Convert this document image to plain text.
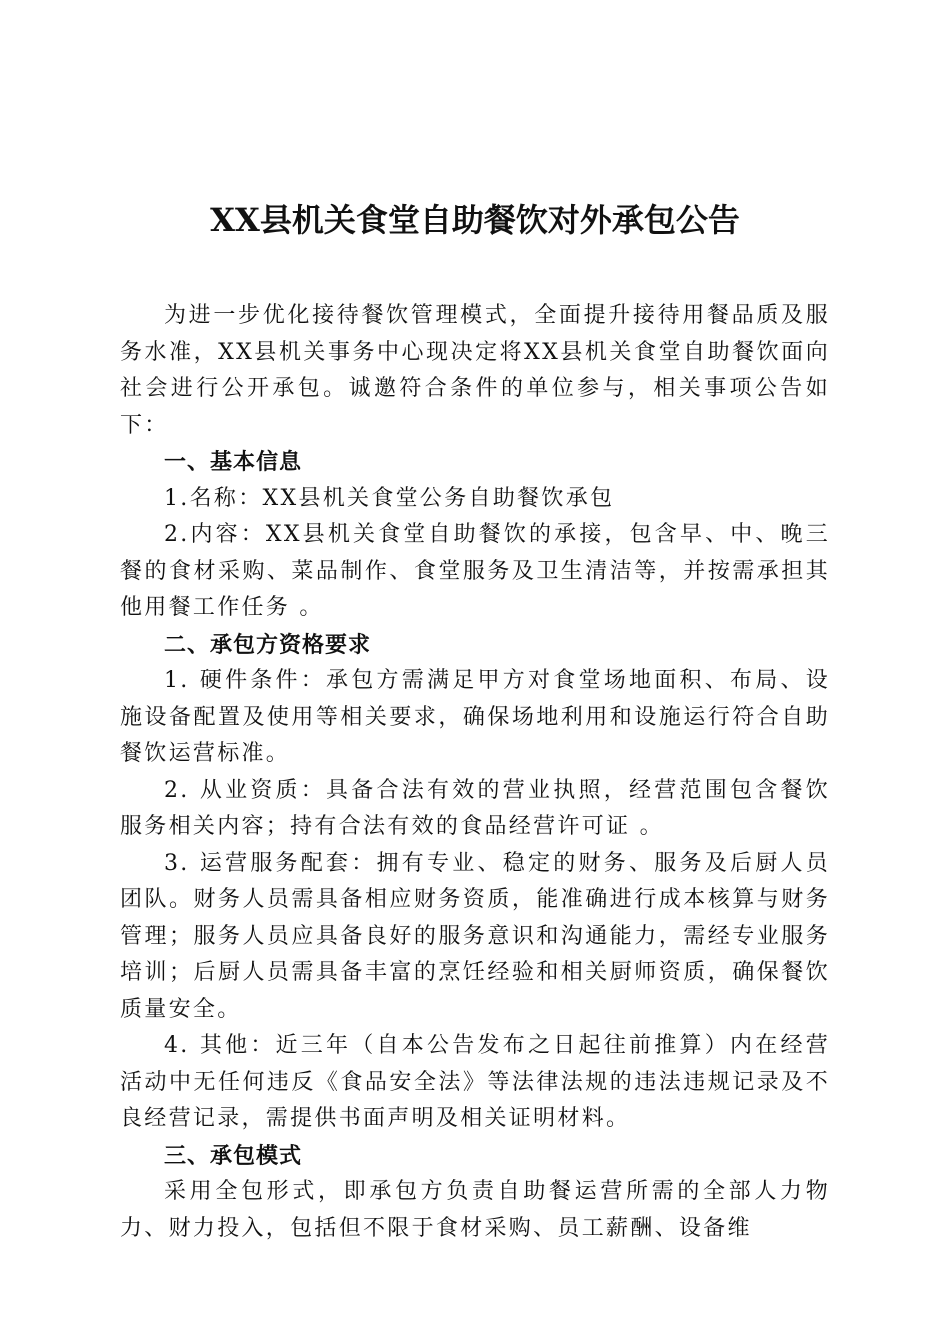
XX县机关食堂自助餐饮对外承包公告

为进一步优化接待餐饮管理模式，全面提升接待用餐品质及服务水准，XX县机关事务中心现决定将XX县机关食堂自助餐饮面向社会进行公开承包。诚邀符合条件的单位参与，相关事项公告如下：

一、基本信息

1.名称：XX县机关食堂公务自助餐饮承包

2.内容：XX县机关食堂自助餐饮的承接，包含早、中、晚三餐的食材采购、菜品制作、食堂服务及卫生清洁等，并按需承担其他用餐工作任务 。

二、承包方资格要求

1. 硬件条件：承包方需满足甲方对食堂场地面积、布局、设施设备配置及使用等相关要求，确保场地利用和设施运行符合自助餐饮运营标准。

2. 从业资质：具备合法有效的营业执照，经营范围包含餐饮服务相关内容；持有合法有效的食品经营许可证 。

3. 运营服务配套：拥有专业、稳定的财务、服务及后厨人员团队。财务人员需具备相应财务资质，能准确进行成本核算与财务管理；服务人员应具备良好的服务意识和沟通能力，需经专业服务培训；后厨人员需具备丰富的烹饪经验和相关厨师资质，确保餐饮质量安全。

4. 其他：近三年（自本公告发布之日起往前推算）内在经营活动中无任何违反《食品安全法》等法律法规的违法违规记录及不良经营记录，需提供书面声明及相关证明材料。

三、承包模式

采用全包形式，即承包方负责自助餐运营所需的全部人力物力、财力投入，包括但不限于食材采购、员工薪酬、设备维
